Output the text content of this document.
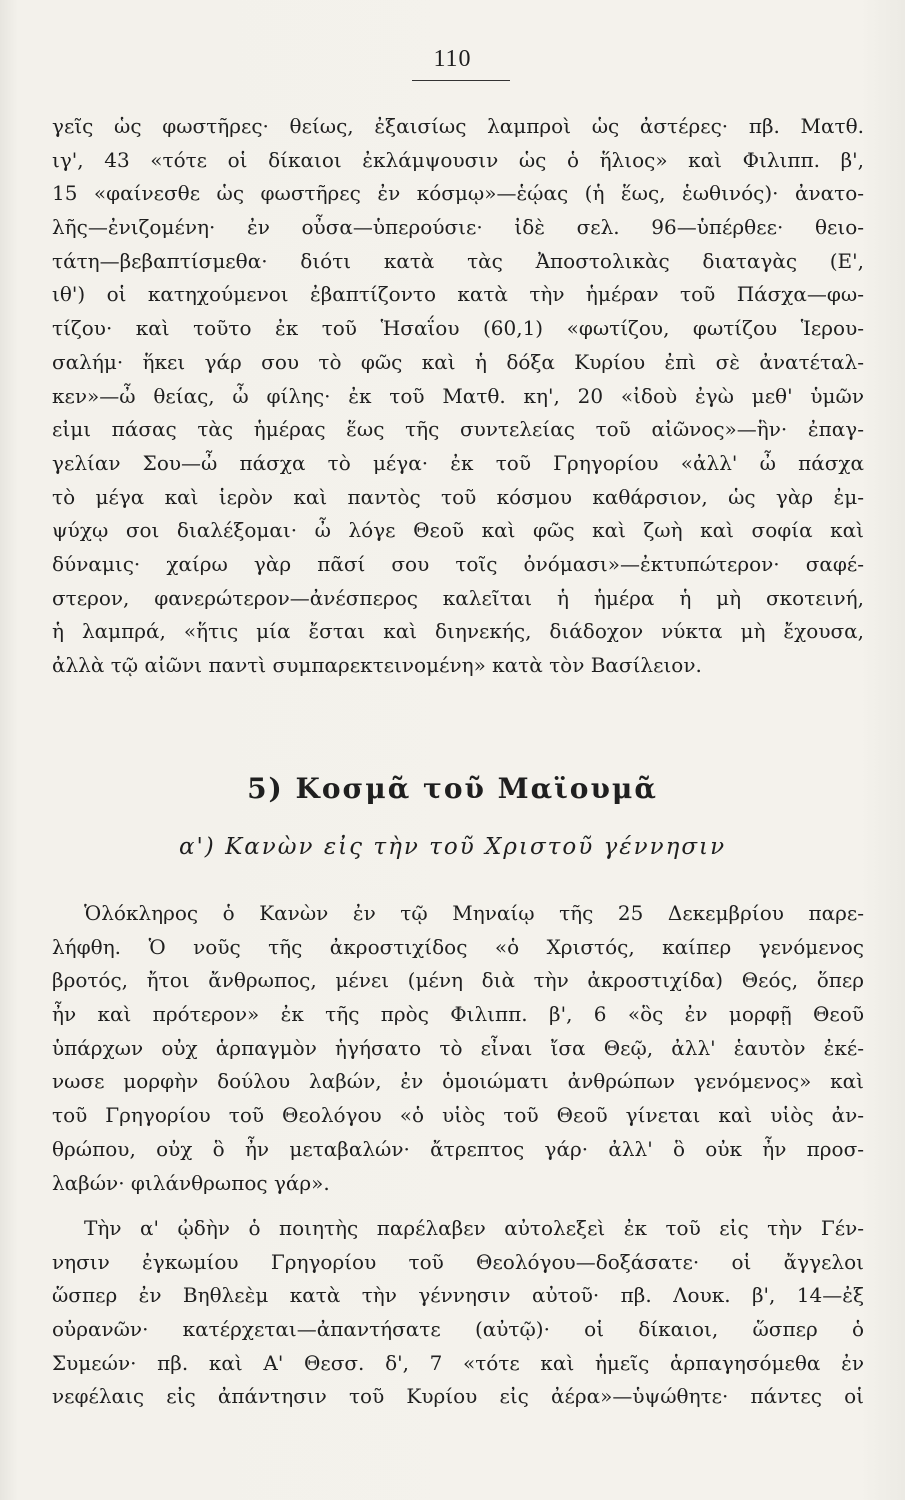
110
γεῖς ὡς φωστῆρες· θείως, ἐξαισίως λαμπροὶ ὡς ἀστέρες· πβ. Ματθ.
ιγ', 43 «τότε οἱ δίκαιοι ἐκλάμψουσιν ὡς ὁ ἥλιος» καὶ Φιλιππ. β',
15 «φαίνεσθε ὡς φωστῆρες ἐν κόσμῳ»—ἑῴας (ἡ ἕως, ἑωθινός)· ἀνατο-
λῆς—ἐνιζομένη· ἐν οὖσα—ὑπερούσιε· ἰδὲ σελ. 96—ὑπέρθεε· θειο-
τάτη—βεβαπτίσμεθα· διότι κατὰ τὰς Ἀποστολικὰς διαταγὰς (Ε',
ιθ') οἱ κατηχούμενοι ἐβαπτίζοντο κατὰ τὴν ἡμέραν τοῦ Πάσχα—φω-
τίζου· καὶ τοῦτο ἐκ τοῦ Ἡσαΐου (60,1) «φωτίζου, φωτίζου Ἱερου-
σαλήμ· ἥκει γάρ σου τὸ φῶς καὶ ἡ δόξα Κυρίου ἐπὶ σὲ ἀνατέταλ-
κεν»—ὦ θείας, ὦ φίλης· ἐκ τοῦ Ματθ. κη', 20 «ἰδοὺ ἐγὼ μεθ' ὑμῶν
εἰμι πάσας τὰς ἡμέρας ἕως τῆς συντελείας τοῦ αἰῶνος»—ἣν· ἐπαγ-
γελίαν Σου—ὦ πάσχα τὸ μέγα· ἐκ τοῦ Γρηγορίου «ἀλλ' ὦ πάσχα
τὸ μέγα καὶ ἱερὸν καὶ παντὸς τοῦ κόσμου καθάρσιον, ὡς γὰρ ἐμ-
ψύχῳ σοι διαλέξομαι· ὦ λόγε Θεοῦ καὶ φῶς καὶ ζωὴ καὶ σοφία καὶ
δύναμις· χαίρω γὰρ πᾶσί σου τοῖς ὀνόμασι»—ἐκτυπώτερον· σαφέ-
στερον, φανερώτερον—ἀνέσπερος καλεῖται ἡ ἡμέρα ἡ μὴ σκοτεινή,
ἡ λαμπρά, «ἥτις μία ἔσται καὶ διηνεκής, διάδοχον νύκτα μὴ ἔχουσα,
ἀλλὰ τῷ αἰῶνι παντὶ συμπαρεκτεινομένη» κατὰ τὸν Βασίλειον.
5) Κοσμᾶ τοῦ Μαϊουμᾶ
α') Κανὼν εἰς τὴν τοῦ Χριστοῦ γέννησιν
Ὁλόκληρος ὁ Κανὼν ἐν τῷ Μηναίῳ τῆς 25 Δεκεμβρίου παρε-
λήφθη. Ὁ νοῦς τῆς ἀκροστιχίδος «ὁ Χριστός, καίπερ γενόμενος
βροτός, ἤτοι ἄνθρωπος, μένει (μένη διὰ τὴν ἀκροστιχίδα) Θεός, ὅπερ
ἦν καὶ πρότερον» ἐκ τῆς πρὸς Φιλιππ. β', 6 «ὃς ἐν μορφῇ Θεοῦ
ὑπάρχων οὐχ ἁρπαγμὸν ἡγήσατο τὸ εἶναι ἴσα Θεῷ, ἀλλ' ἑαυτὸν ἐκέ-
νωσε μορφὴν δούλου λαβών, ἐν ὁμοιώματι ἀνθρώπων γενόμενος» καὶ
τοῦ Γρηγορίου τοῦ Θεολόγου «ὁ υἱὸς τοῦ Θεοῦ γίνεται καὶ υἱὸς ἀν-
θρώπου, οὐχ ὃ ἦν μεταβαλών· ἄτρεπτος γάρ· ἀλλ' ὃ οὐκ ἦν προσ-
λαβών· φιλάνθρωπος γάρ».
Τὴν α' ᾠδὴν ὁ ποιητὴς παρέλαβεν αὐτολεξεὶ ἐκ τοῦ εἰς τὴν Γέν-
νησιν ἐγκωμίου Γρηγορίου τοῦ Θεολόγου—δοξάσατε· οἱ ἄγγελοι
ὥσπερ ἐν Βηθλεὲμ κατὰ τὴν γέννησιν αὐτοῦ· πβ. Λουκ. β', 14—ἐξ
οὐρανῶν· κατέρχεται—ἀπαντήσατε (αὐτῷ)· οἱ δίκαιοι, ὥσπερ ὁ
Συμεών· πβ. καὶ Α' Θεσσ. δ', 7 «τότε καὶ ἡμεῖς ἁρπαγησόμεθα ἐν
νεφέλαις εἰς ἀπάντησιν τοῦ Κυρίου εἰς ἀέρα»—ὑψώθητε· πάντες οἱ
